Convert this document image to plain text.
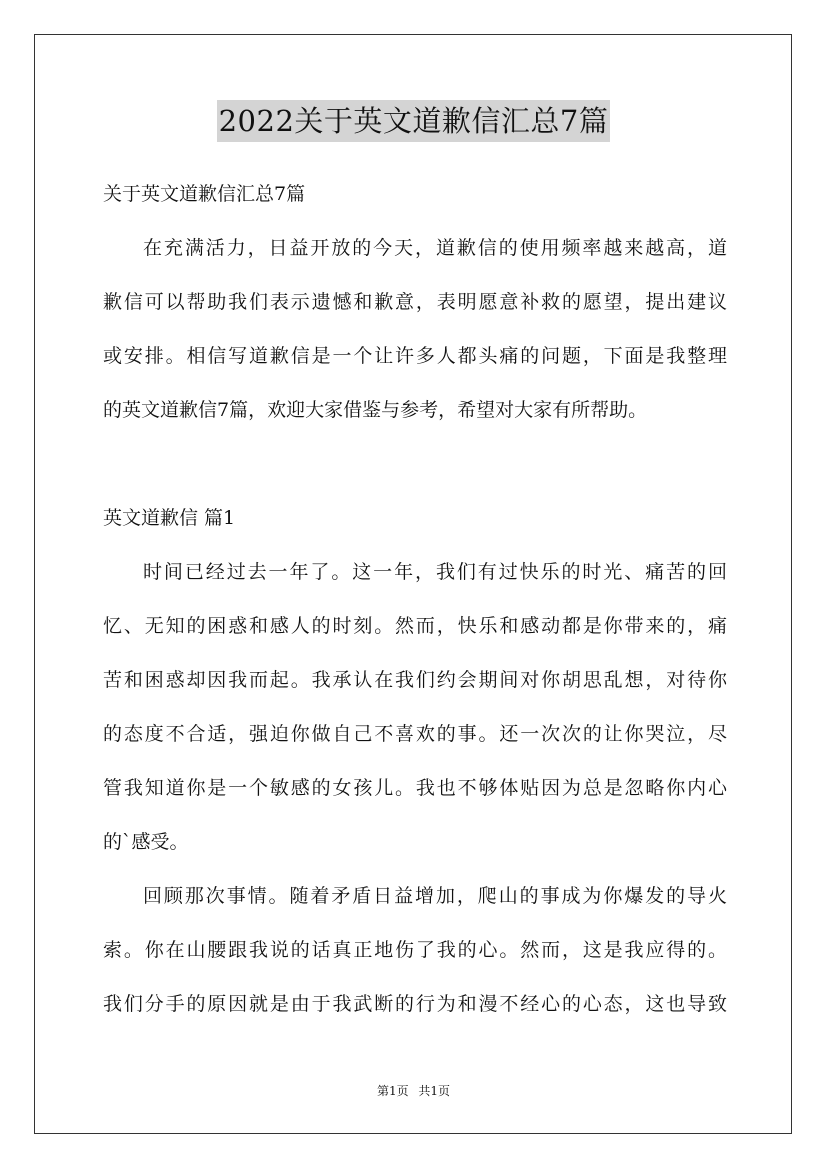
2022关于英文道歉信汇总7篇
关于英文道歉信汇总7篇
在充满活力，日益开放的今天，道歉信的使用频率越来越高，道
歉信可以帮助我们表示遗憾和歉意，表明愿意补救的愿望，提出建议
或安排。相信写道歉信是一个让许多人都头痛的问题，下面是我整理
的英文道歉信7篇，欢迎大家借鉴与参考，希望对大家有所帮助。
英文道歉信 篇1
时间已经过去一年了。这一年，我们有过快乐的时光、痛苦的回
忆、无知的困惑和感人的时刻。然而，快乐和感动都是你带来的，痛
苦和困惑却因我而起。我承认在我们约会期间对你胡思乱想，对待你
的态度不合适，强迫你做自己不喜欢的事。还一次次的让你哭泣，尽
管我知道你是一个敏感的女孩儿。我也不够体贴因为总是忽略你内心
的`感受。
回顾那次事情。随着矛盾日益增加，爬山的事成为你爆发的导火
索。你在山腰跟我说的话真正地伤了我的心。然而，这是我应得的。
我们分手的原因就是由于我武断的行为和漫不经心的心态，这也导致
第1页 共1页
